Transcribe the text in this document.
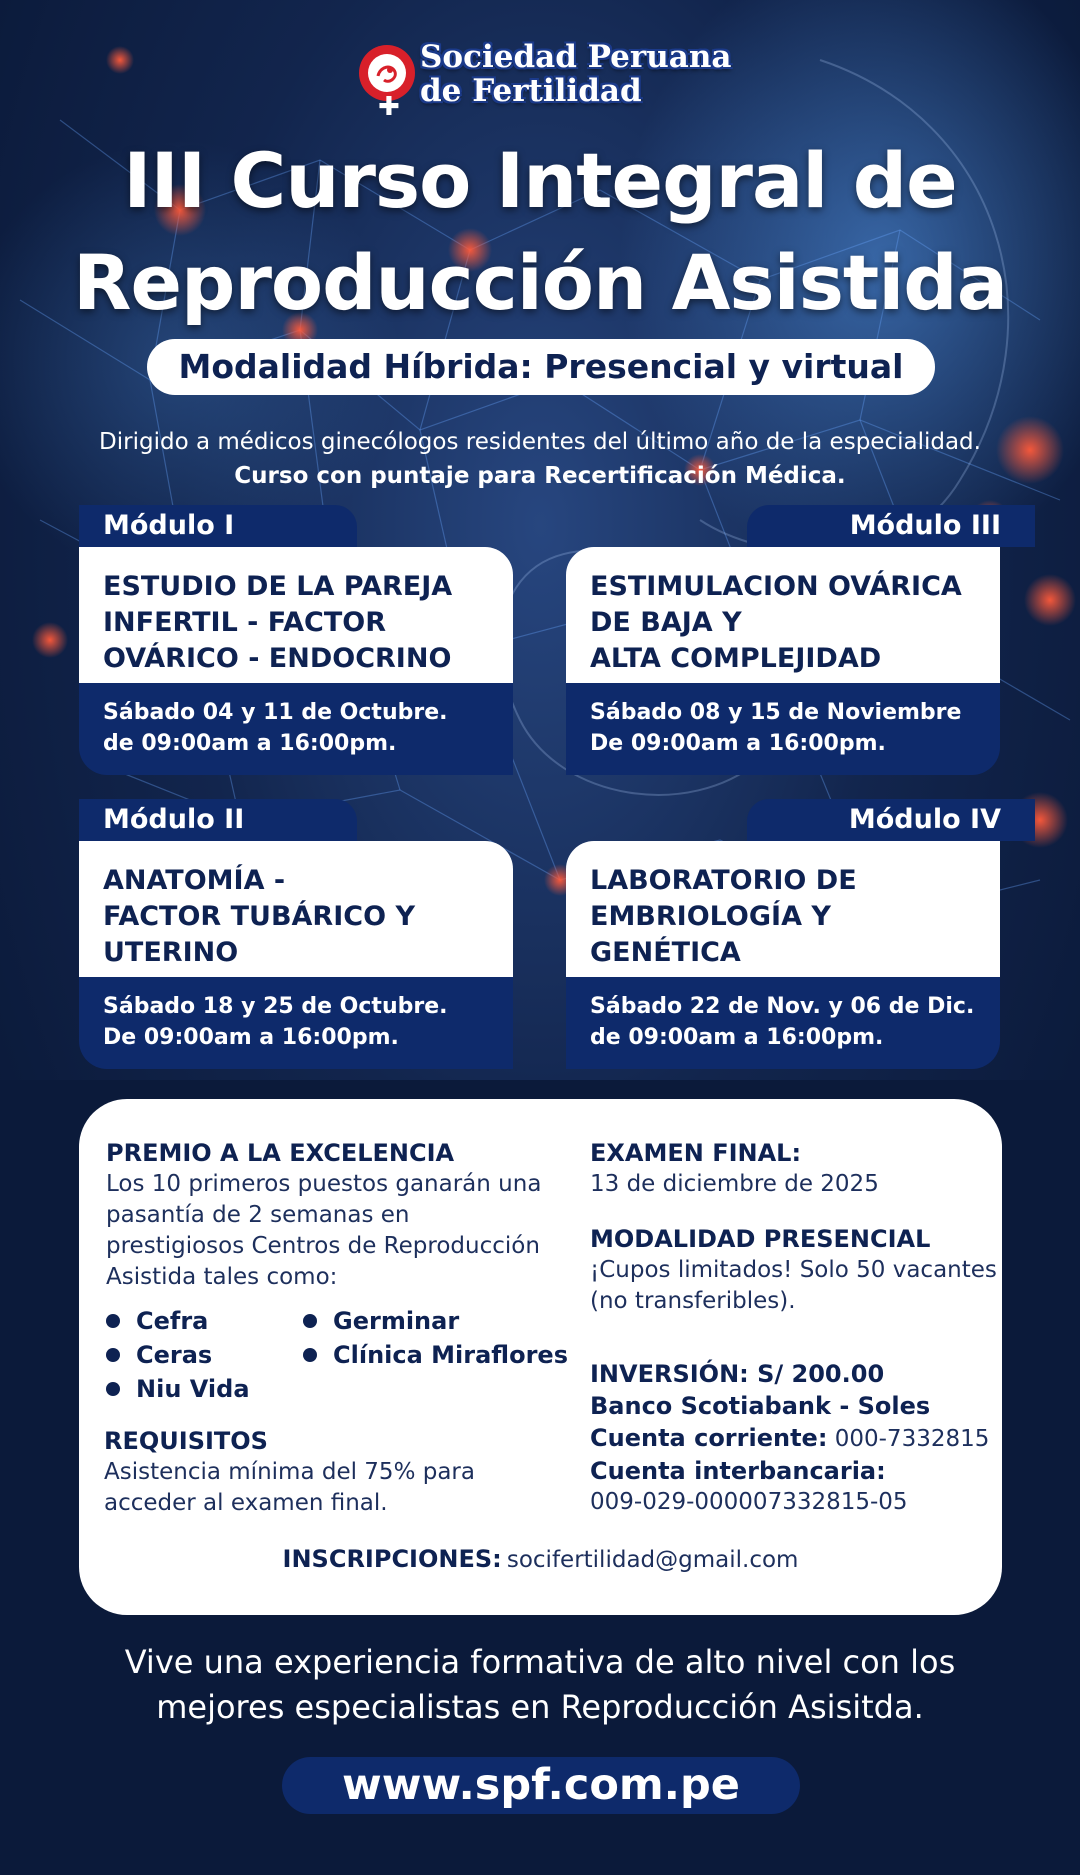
Sociedad Peruana
de Fertilidad
✚
III Curso Integral de
Reproducción Asistida
Modalidad Híbrida: Presencial y virtual
Dirigido a médicos ginecólogos residentes del último año de la especialidad.
Curso con puntaje para Recertificación Médica.
Módulo I
ESTUDIO DE LA PAREJA
INFERTIL - FACTOR
OVÁRICO - ENDOCRINO
Sábado 04 y 11 de Octubre.
de 09:00am a 16:00pm.
Módulo III
ESTIMULACION OVÁRICA
DE BAJA Y
ALTA COMPLEJIDAD
Sábado 08 y 15 de Noviembre
De 09:00am a 16:00pm.
Módulo II
ANATOMÍA -
FACTOR TUBÁRICO Y
UTERINO
Sábado 18 y 25 de Octubre.
De 09:00am a 16:00pm.
Módulo IV
LABORATORIO DE
EMBRIOLOGÍA Y
GENÉTICA
Sábado 22 de Nov. y 06 de Dic.
de 09:00am a 16:00pm.
PREMIO A LA EXCELENCIA
Los 10 primeros puestos ganarán una
pasantía de 2 semanas en
prestigiosos Centros de Reproducción
Asistida tales como:
Cefra
Ceras
Niu Vida
Germinar
Clínica Miraflores
REQUISITOS
Asistencia mínima del 75% para
acceder al examen final.
EXAMEN FINAL:
13 de diciembre de 2025
MODALIDAD PRESENCIAL
¡Cupos limitados! Solo 50 vacantes
(no transferibles).
INVERSIÓN: S/ 200.00
Banco Scotiabank - Soles
Cuenta corriente: 000-7332815
Cuenta interbancaria:
009-029-000007332815-05
INSCRIPCIONES: socifertilidad@gmail.com
Vive una experiencia formativa de alto nivel con los
mejores especialistas en Reproducción Asisitda.
www.spf.com.pe
